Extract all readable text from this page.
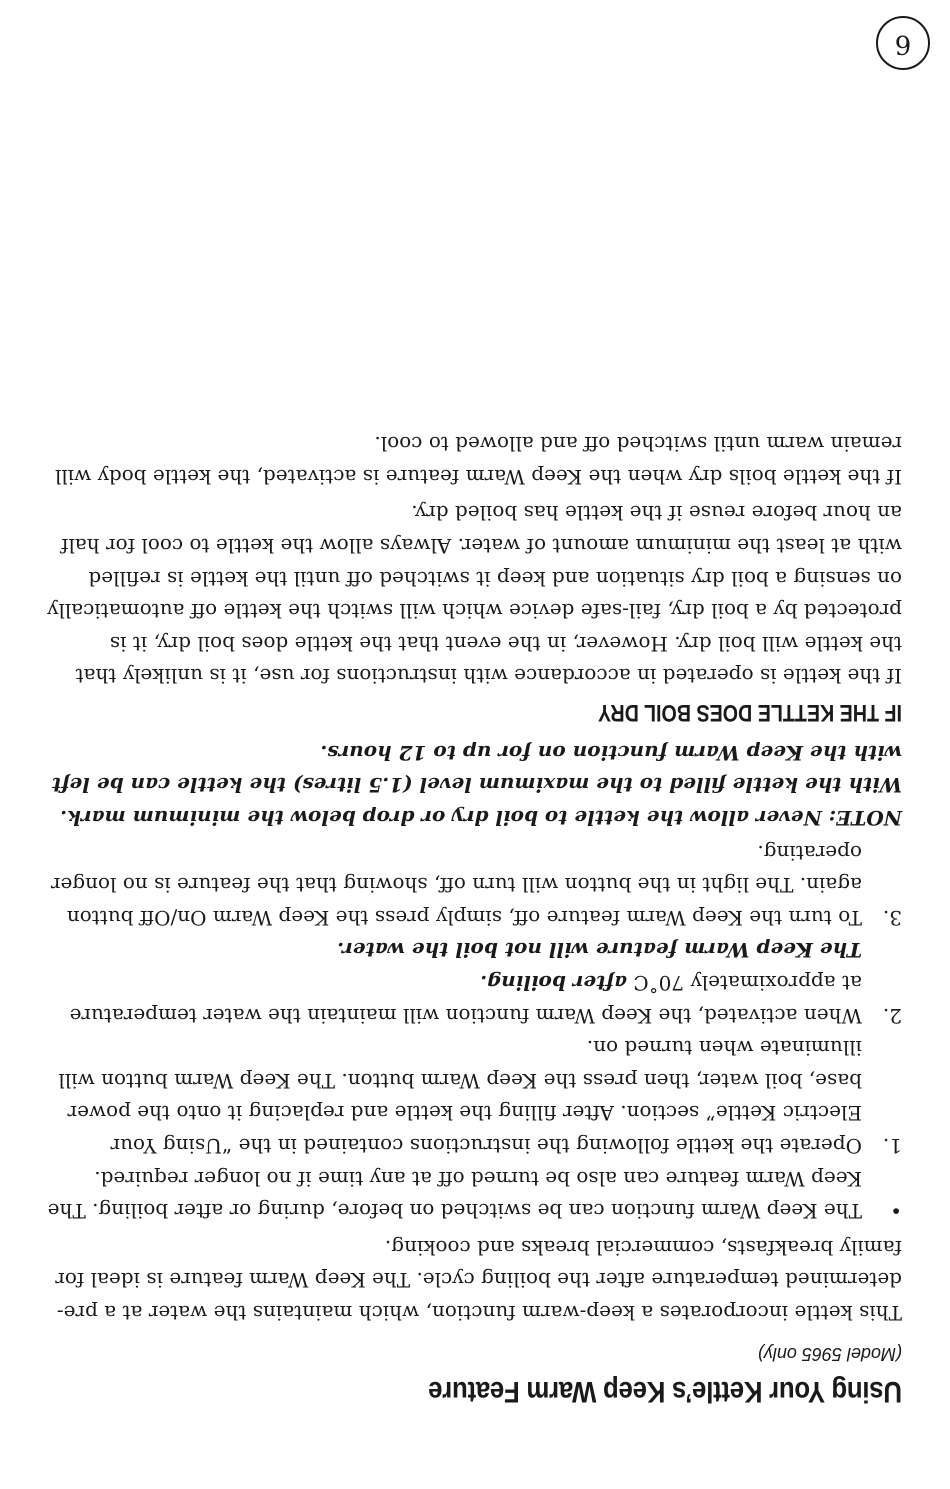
Using Your Kettle’s Keep Warm Feature
(Model 5965 only)

This kettle incorporates a keep-warm function, which maintains the water at a pre-determined temperature after the boiling cycle. The Keep Warm feature is ideal for family breakfasts, commercial breaks and cooking.

•
The Keep Warm function can be switched on before, during or after boiling. The Keep Warm feature can also be turned off at any time if no longer required.
1.
Operate the kettle following the instructions contained in the “Using Your Electric Kettle” section. After filling the kettle and replacing it onto the power base, boil water, then press the Keep Warm button. The Keep Warm button will illuminate when turned on.
2.
When activated, the Keep Warm function will maintain the water temperature at approximately 70˚C after boiling.
The Keep Warm feature will not boil the water.
3.
To turn the Keep Warm feature off, simply press the Keep Warm On/Off button again. The light in the button will turn off, showing that the feature is no longer operating.

NOTE: Never allow the kettle to boil dry or drop below the minimum mark. With the kettle filled to the maximum level (1.5 litres) the kettle can be left with the Keep Warm function on for up to 12 hours.

IF THE KETTLE DOES BOIL DRY

If the kettle is operated in accordance with instructions for use, it is unlikely that the kettle will boil dry. However, in the event that the kettle does boil dry, it is protected by a boil dry, fail-safe device which will switch the kettle off automatically on sensing a boil dry situation and keep it switched off until the kettle is refilled with at least the minimum amount of water. Always allow the kettle to cool for half an hour before reuse if the kettle has boiled dry.

If the kettle boils dry when the Keep Warm feature is activated, the kettle body will remain warm until switched off and allowed to cool.

6
